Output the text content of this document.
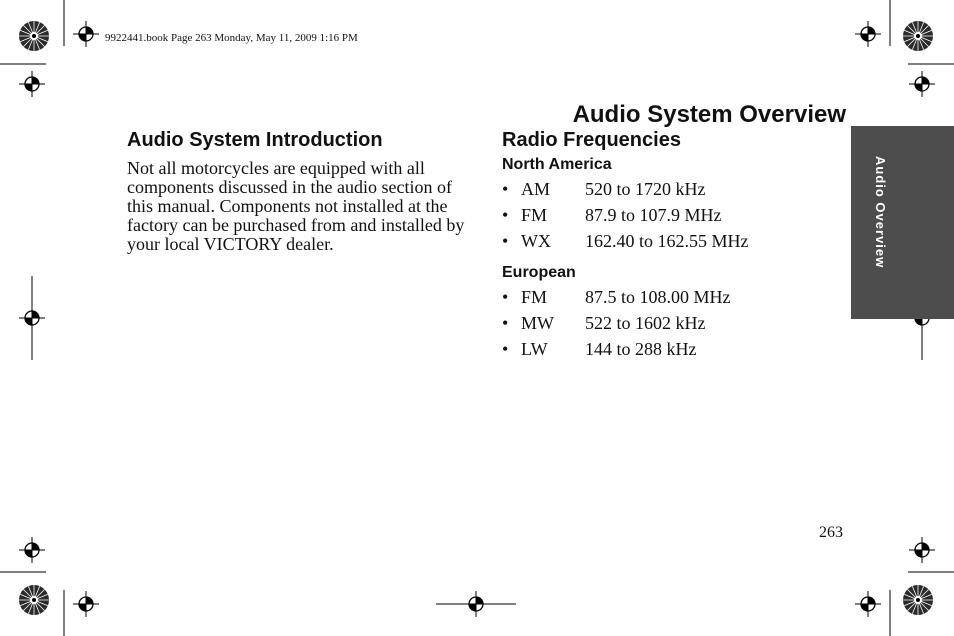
9922441.book Page 263 Monday, May 11, 2009 1:16 PM
Audio System Overview
Audio Overview
Audio System Introduction

Not all motorcycles are equipped with all components discussed in the audio section of this manual. Components not installed at the factory can be purchased from and installed by your local VICTORY dealer.

Radio Frequencies
North America
• AM	520 to 1720 kHz
• FM	87.9 to 107.9 MHz
• WX	162.40 to 162.55 MHz
European
• FM	87.5 to 108.00 MHz
• MW	522 to 1602 kHz
• LW	144 to 288 kHz
263
